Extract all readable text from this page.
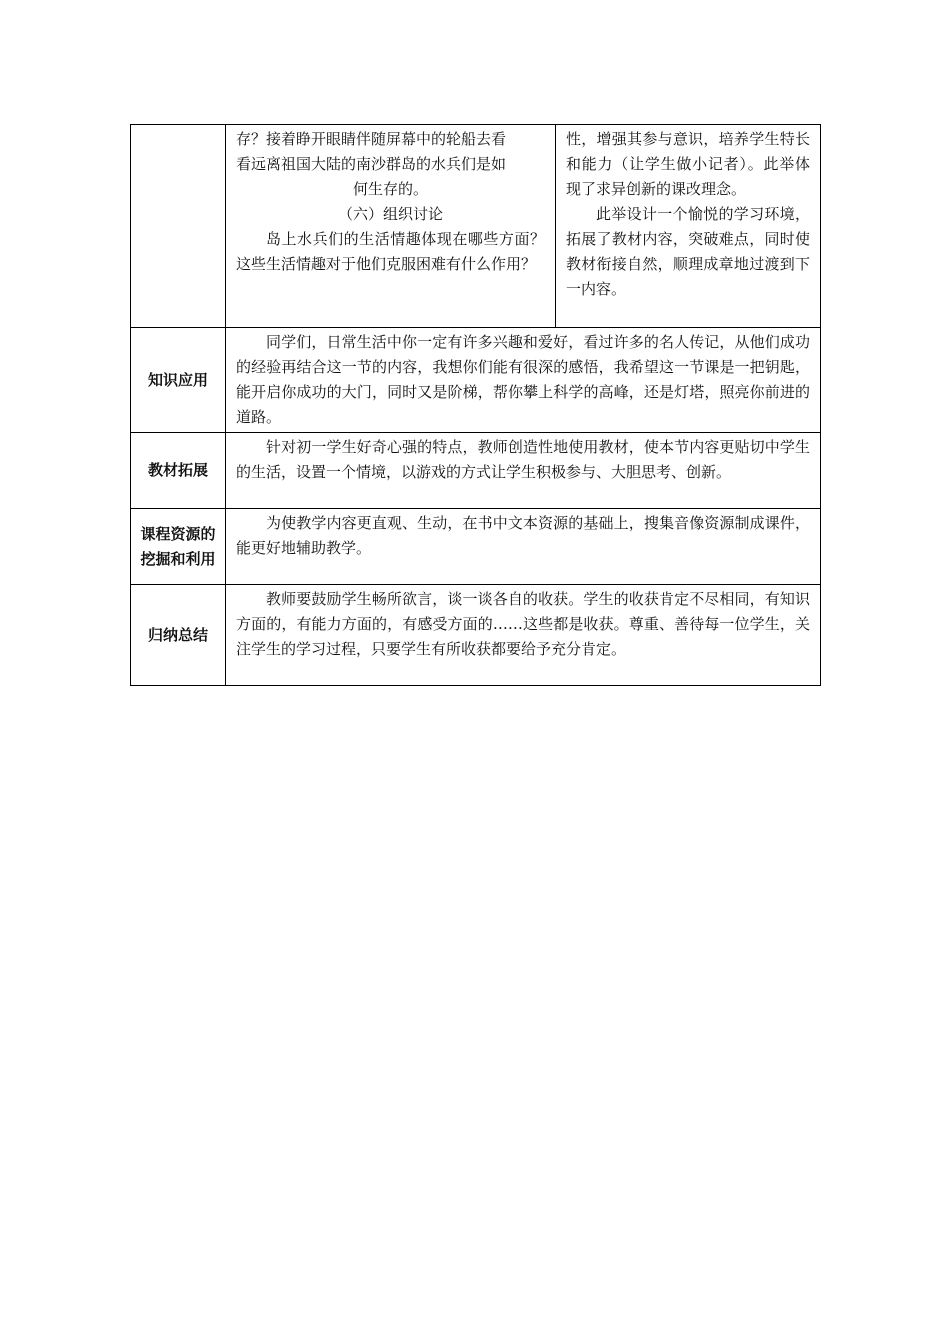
	存？接着睁开眼睛伴随屏幕中的轮船去看
看远离祖国大陆的南沙群岛的水兵们是如
何生存的。
（六）组织讨论
岛上水兵们的生活情趣体现在哪些方面？这些生活情趣对于他们克服困难有什么作用？	性，增强其参与意识，培养学生特长和能力（让学生做小记者）。此举体现了求异创新的课改理念。
此举设计一个愉悦的学习环境，拓展了教材内容，突破难点，同时使教材衔接自然，顺理成章地过渡到下一内容。

知识应用	同学们，日常生活中你一定有许多兴趣和爱好，看过许多的名人传记，从他们成功的经验再结合这一节的内容，我想你们能有很深的感悟，我希望这一节课是一把钥匙，能开启你成功的大门，同时又是阶梯，帮你攀上科学的高峰，还是灯塔，照亮你前进的道路。	

教材拓展	针对初一学生好奇心强的特点，教师创造性地使用教材，使本节内容更贴切中学生的生活，设置一个情境，以游戏的方式让学生积极参与、大胆思考、创新。	

课程资源的挖掘和利用	为使教学内容更直观、生动，在书中文本资源的基础上，搜集音像资源制成课件，能更好地辅助教学。	

归纳总结	教师要鼓励学生畅所欲言，谈一谈各自的收获。学生的收获肯定不尽相同，有知识方面的，有能力方面的，有感受方面的……这些都是收获。尊重、善待每一位学生，关注学生的学习过程，只要学生有所收获都要给予充分肯定。	
